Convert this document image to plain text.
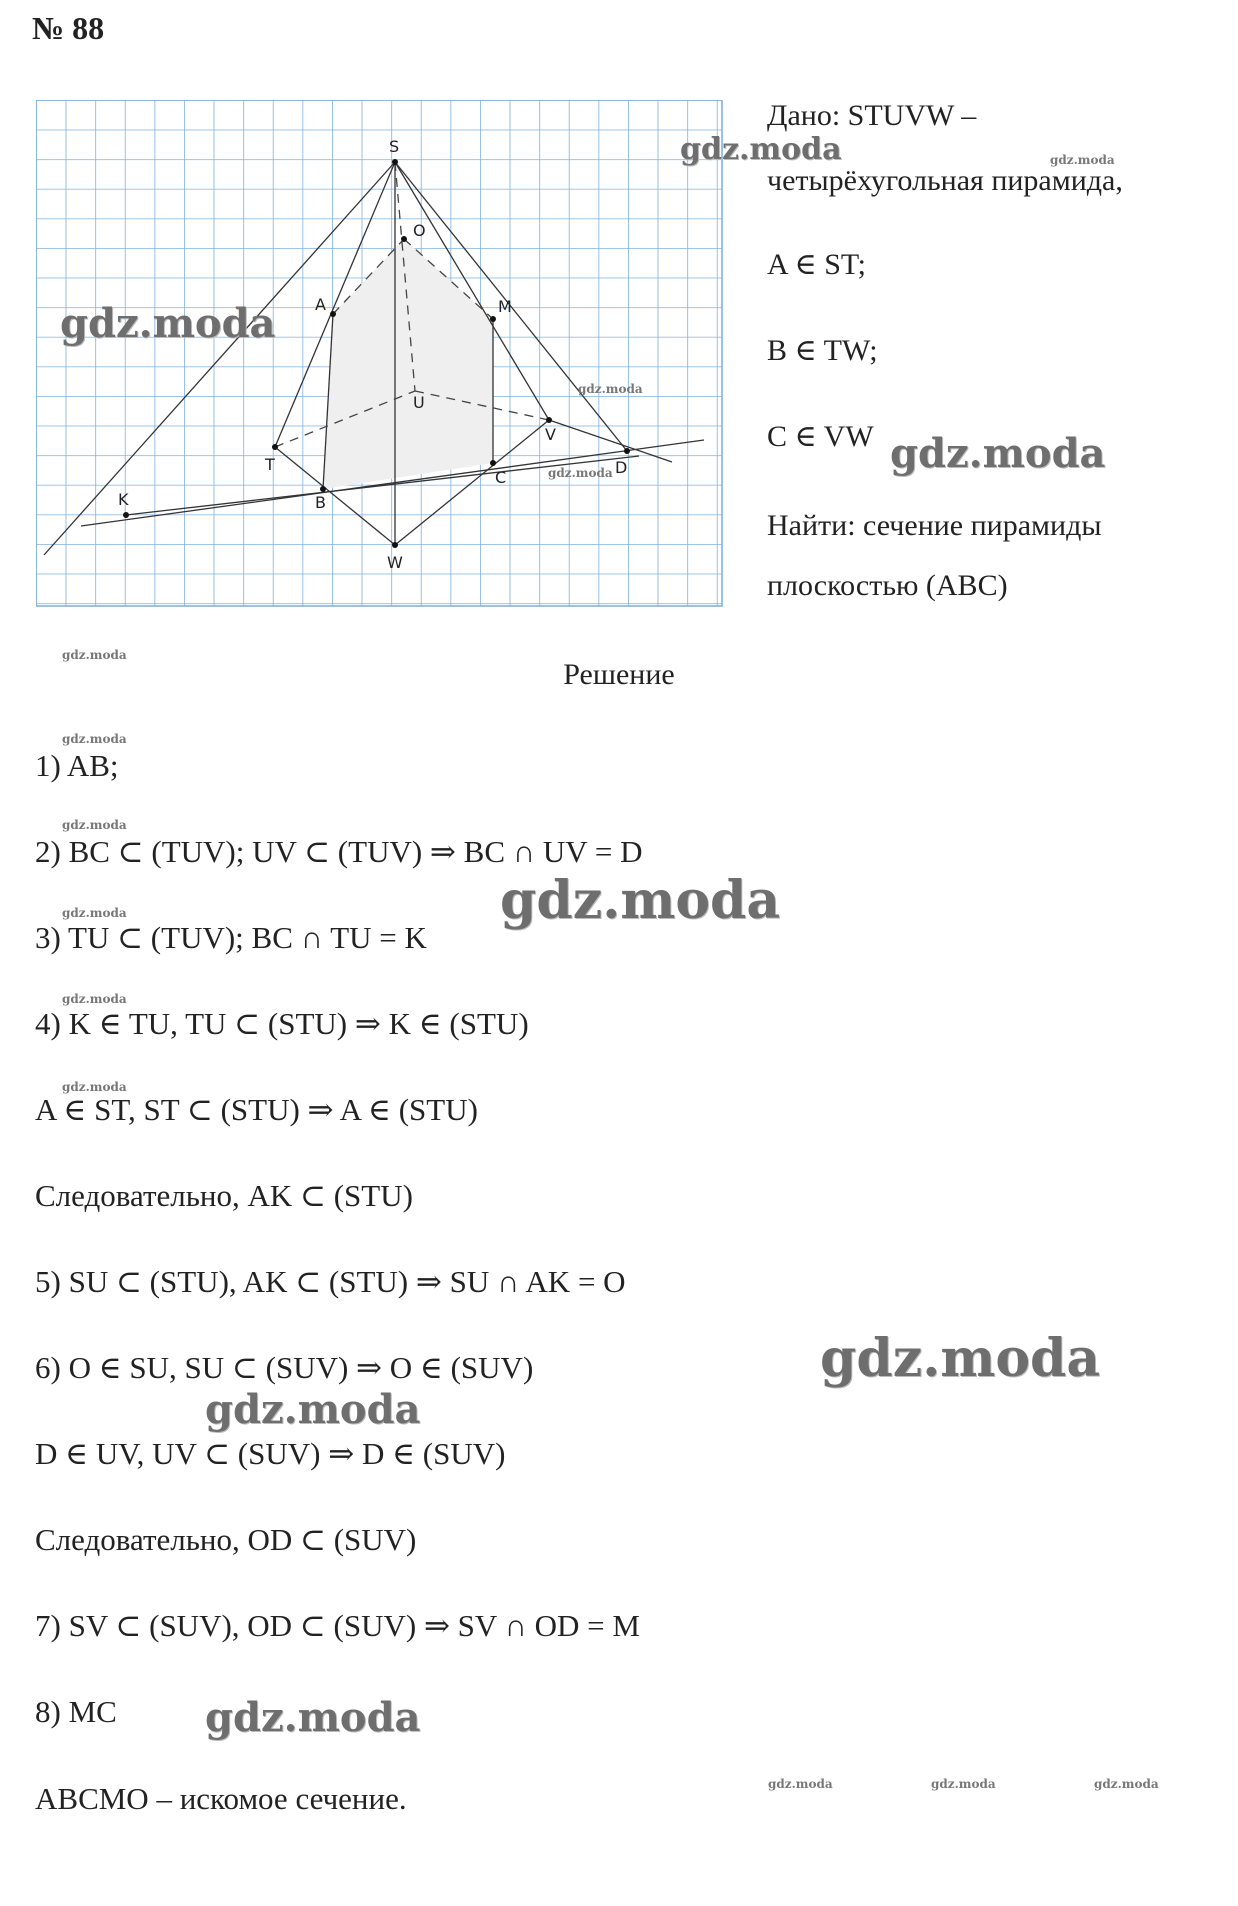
№ 88
S
O
A	M
U
V
T	D
C
K	B
W
Дано: STUVW –
четырёхугольная пирамида,
A ∈ ST;
B ∈ TW;
C ∈ VW
Найти: сечение пирамиды
плоскостью (ABC)
Решение
1) AB;
2) BC ⊂ (TUV); UV ⊂ (TUV) ⇒ BC ∩ UV = D
3) TU ⊂ (TUV); BC ∩ TU = K
4) K ∈ TU, TU ⊂ (STU) ⇒ K ∈ (STU)
A ∈ ST, ST ⊂ (STU) ⇒ A ∈ (STU)
Следовательно, AK ⊂ (STU)
5) SU ⊂ (STU), AK ⊂ (STU) ⇒ SU ∩ AK = O
6) O ∈ SU, SU ⊂ (SUV) ⇒ O ∈ (SUV)
D ∈ UV, UV ⊂ (SUV) ⇒ D ∈ (SUV)
Следовательно, OD ⊂ (SUV)
7) SV ⊂ (SUV), OD ⊂ (SUV) ⇒ SV ∩ OD = M
8) MC
ABCMO – искомое сечение.
gdz.moda
gdz.moda
gdz.moda
gdz.moda
gdz.moda
gdz.moda
gdz.moda
gdz.moda
gdz.moda
gdz.moda
gdz.moda
gdz.moda
gdz.moda
gdz.moda
gdz.moda
gdz.moda
gdz.moda	gdz.moda	gdz.moda
